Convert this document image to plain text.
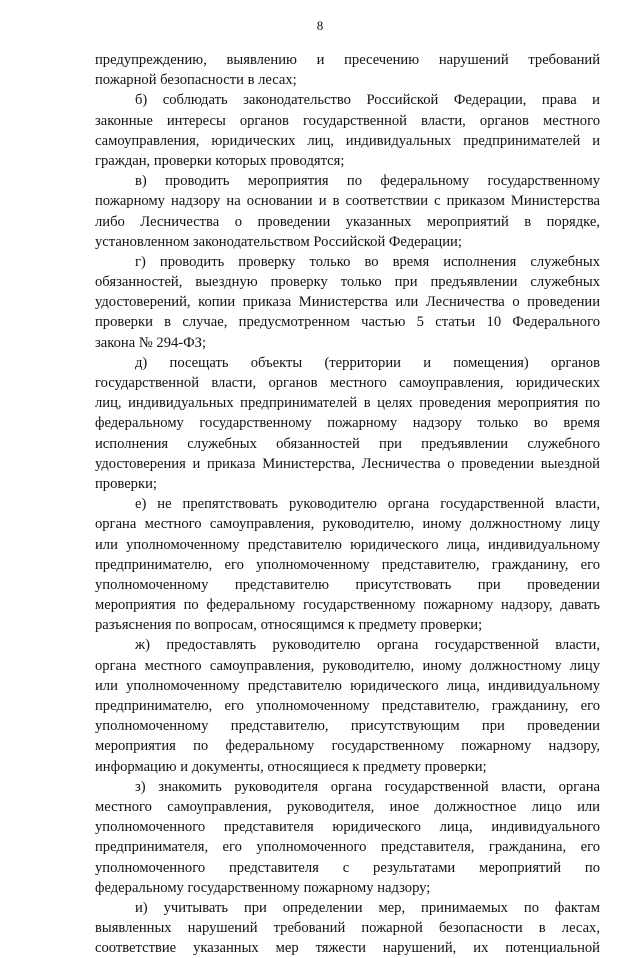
8
предупреждению, выявлению и пресечению нарушений требований
пожарной безопасности в лесах;
б) соблюдать законодательство Российской Федерации, права и
законные интересы органов государственной власти, органов местного
самоуправления, юридических лиц, индивидуальных предпринимателей и
граждан, проверки которых проводятся;
в) проводить мероприятия по федеральному государственному
пожарному надзору на основании и в соответствии с приказом Министерства
либо Лесничества о проведении указанных мероприятий в порядке,
установленном законодательством Российской Федерации;
г) проводить проверку только во время исполнения служебных
обязанностей, выездную проверку только при предъявлении служебных
удостоверений, копии приказа Министерства или Лесничества о проведении
проверки в случае, предусмотренном частью 5 статьи 10 Федерального
закона № 294-ФЗ;
д) посещать объекты (территории и помещения) органов
государственной власти, органов местного самоуправления, юридических
лиц, индивидуальных предпринимателей в целях проведения мероприятия по
федеральному государственному пожарному надзору только во время
исполнения служебных обязанностей при предъявлении служебного
удостоверения и приказа Министерства, Лесничества о проведении выездной
проверки;
е) не препятствовать руководителю органа государственной власти,
органа местного самоуправления, руководителю, иному должностному лицу
или уполномоченному представителю юридического лица, индивидуальному
предпринимателю, его уполномоченному представителю, гражданину, его
уполномоченному представителю присутствовать при проведении
мероприятия по федеральному государственному пожарному надзору, давать
разъяснения по вопросам, относящимся к предмету проверки;
ж) предоставлять руководителю органа государственной власти,
органа местного самоуправления, руководителю, иному должностному лицу
или уполномоченному представителю юридического лица, индивидуальному
предпринимателю, его уполномоченному представителю, гражданину, его
уполномоченному представителю, присутствующим при проведении
мероприятия по федеральному государственному пожарному надзору,
информацию и документы, относящиеся к предмету проверки;
з) знакомить руководителя органа государственной власти, органа
местного самоуправления, руководителя, иное должностное лицо или
уполномоченного представителя юридического лица, индивидуального
предпринимателя, его уполномоченного представителя, гражданина, его
уполномоченного представителя с результатами мероприятий по
федеральному государственному пожарному надзору;
и) учитывать при определении мер, принимаемых по фактам
выявленных нарушений требований пожарной безопасности в лесах,
соответствие указанных мер тяжести нарушений, их потенциальной
